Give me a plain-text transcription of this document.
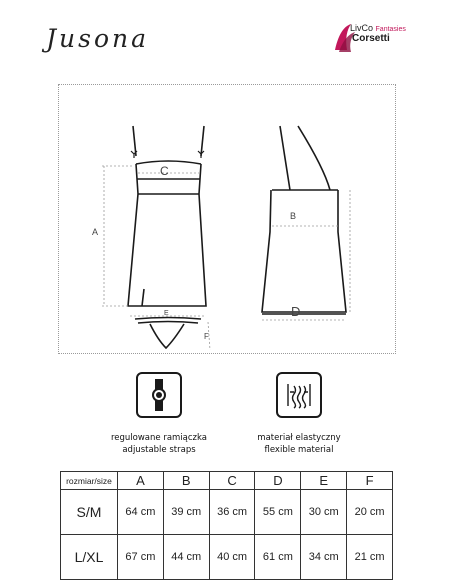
Jusona	LivCo Fantasies
Corsetti
A
B
C
D
E
F
regulowane ramiączka
adjustable straps
materiał elastyczny
flexible material
rozmiar/size	A	B	C	D	E	F
S/M	64 cm	39 cm	36 cm	55 cm	30 cm	20 cm
L/XL	67 cm	44 cm	40 cm	61 cm	34 cm	21 cm
